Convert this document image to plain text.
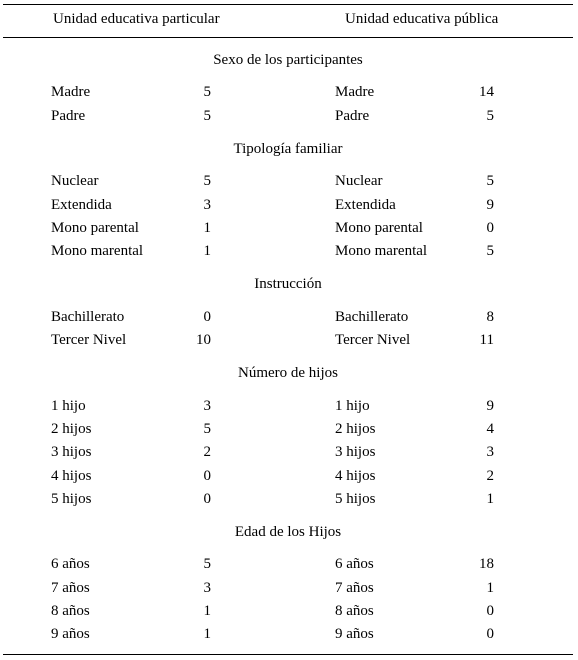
Unidad educativa particular	Unidad educativa pública
Sexo de los participantes
Madre	5	Madre	14
Padre	5	Padre	5
Tipología familiar
Nuclear	5	Nuclear	5
Extendida	3	Extendida	9
Mono parental	1	Mono parental	0
Mono marental	1	Mono marental	5
Instrucción
Bachillerato	0	Bachillerato	8
Tercer Nivel	10	Tercer Nivel	11
Número de hijos
1 hijo	3	1 hijo	9
2 hijos	5	2 hijos	4
3 hijos	2	3 hijos	3
4 hijos	0	4 hijos	2
5 hijos	0	5 hijos	1
Edad de los Hijos
6 años	5	6 años	18
7 años	3	7 años	1
8 años	1	8 años	0
9 años	1	9 años	0
